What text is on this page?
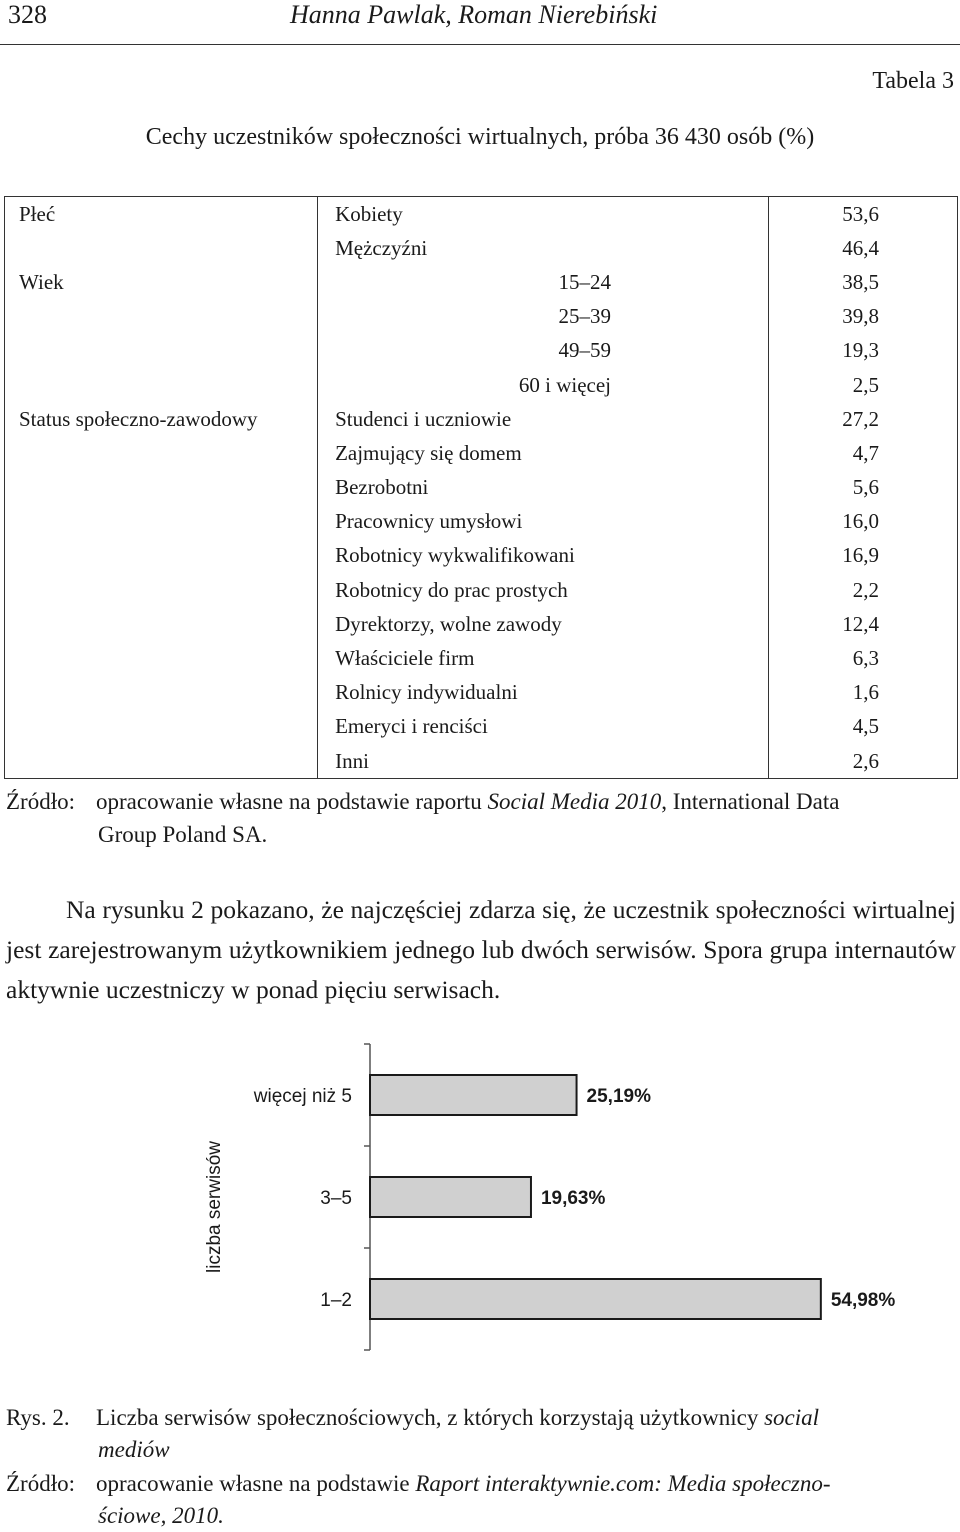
328	Hanna Pawlak, Roman Nierebiński
Tabela 3
Cechy uczestników społeczności wirtualnych, próba 36 430 osób (%)
Płeć	Kobiety	53,6
	Mężczyźni	46,4
Wiek	15–24	38,5
	25–39	39,8
	49–59	19,3
	60 i więcej	2,5
Status społeczno-zawodowy	Studenci i uczniowie	27,2
	Zajmujący się domem	4,7
	Bezrobotni	5,6
	Pracownicy umysłowi	16,0
	Robotnicy wykwalifikowani	16,9
	Robotnicy do prac prostych	2,2
	Dyrektorzy, wolne zawody	12,4
	Właściciele firm	6,3
	Rolnicy indywidualni	1,6
	Emeryci i renciści	4,5
	Inni	2,6
Źródło: opracowanie własne na podstawie raportu Social Media 2010, International Data
Group Poland SA.
Na rysunku 2 pokazano, że najczęściej zdarza się, że uczestnik społeczności wirtualnej jest zarejestrowanym użytkownikiem jednego lub dwóch serwisów. Spora grupa internautów aktywnie uczestniczy w ponad pięciu serwisach.
liczba serwisów
więcej niż 5	25,19%
3–5	19,63%
1–2	54,98%
Rys. 2. Liczba serwisów społecznościowych, z których korzystają użytkownicy social
mediów
Źródło: opracowanie własne na podstawie Raport interaktywnie.com: Media społeczno-
ściowe, 2010.
